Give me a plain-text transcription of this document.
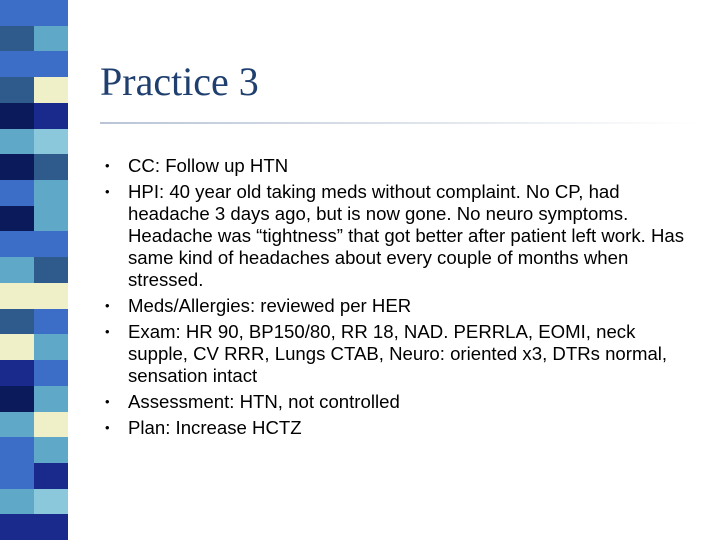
Practice 3
• CC: Follow up HTN
• HPI: 40 year old taking meds without complaint. No CP, had headache 3 days ago, but is now gone. No neuro symptoms. Headache was “tightness” that got better after patient left work. Has same kind of headaches about every couple of months when stressed.
• Meds/Allergies: reviewed per HER
• Exam: HR 90, BP150/80, RR 18, NAD. PERRLA, EOMI, neck supple, CV RRR, Lungs CTAB, Neuro: oriented x3, DTRs normal, sensation intact
• Assessment: HTN, not controlled
• Plan: Increase HCTZ
